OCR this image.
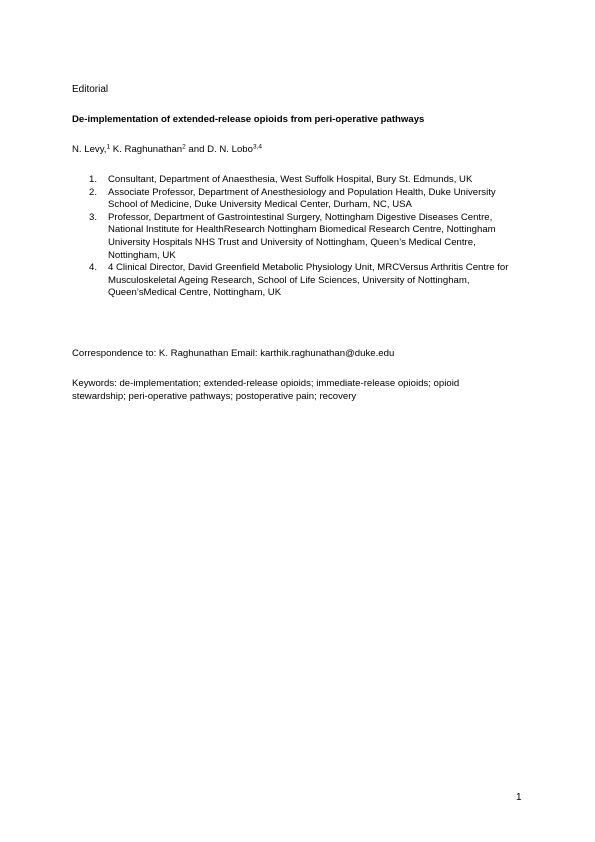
Editorial
De-implementation of extended-release opioids from peri-operative pathways
N. Levy,$^1$ K. Raghunathan$^2$ and D. N. Lobo$^{3,4}$
1. Consultant, Department of Anaesthesia, West Suffolk Hospital, Bury St. Edmunds, UK
2. Associate Professor, Department of Anesthesiology and Population Health, Duke University School of Medicine, Duke University Medical Center, Durham, NC, USA
3. Professor, Department of Gastrointestinal Surgery, Nottingham Digestive Diseases Centre, National Institute for HealthResearch Nottingham Biomedical Research Centre, Nottingham University Hospitals NHS Trust and University of Nottingham, Queen’s Medical Centre, Nottingham, UK
4. 4 Clinical Director, David Greenfield Metabolic Physiology Unit, MRCVersus Arthritis Centre for Musculoskeletal Ageing Research, School of Life Sciences, University of Nottingham, Queen’sMedical Centre, Nottingham, UK
Correspondence to: K. Raghunathan Email: karthik.raghunathan@duke.edu
Keywords: de-implementation; extended-release opioids; immediate-release opioids; opioid stewardship; peri-operative pathways; postoperative pain; recovery
1
